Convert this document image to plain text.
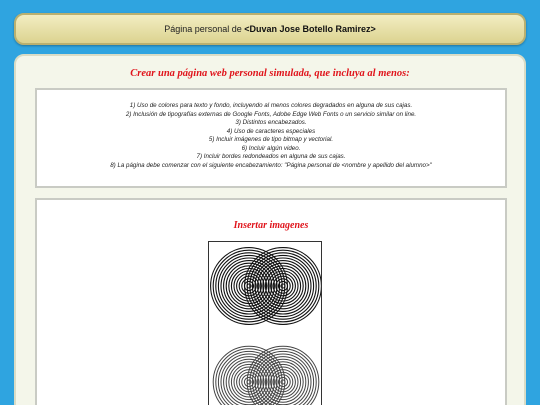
Página personal de
<Duvan Jose Botello Ramirez>
Crear una página web personal simulada, que incluya al menos:

1) Uso de colores para texto y fondo, incluyendo al menos colores degradados en alguna de sus cajas.

2) Inclusión de tipografías externas de Google Fonts, Adobe Edge Web Fonts o un servicio similar on line.

3) Distintos encabezados.

4) Uso de caracteres especiales

5) Incluir imágenes de tipo bitmap y vectorial.

6) Incluir algún video.

7) Incluir bordes redondeados en alguna de sus cajas.

8) La página debe comenzar con el siguiente encabezamiento: "Página personal de <nombre y apellido del alumno>"

Insertar imagenes
